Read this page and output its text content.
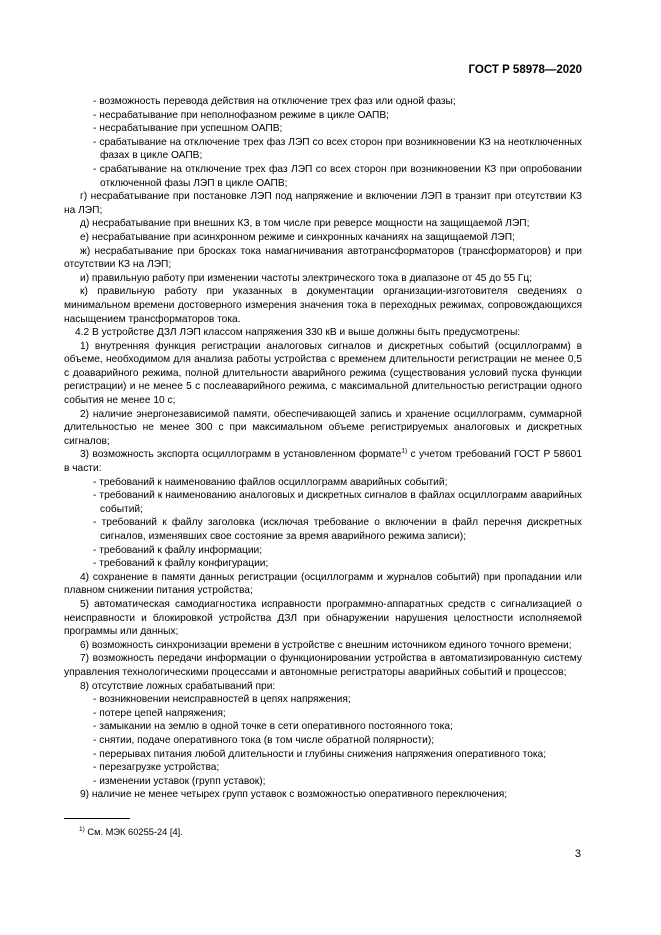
ГОСТ Р 58978—2020

- возможность перевода действия на отключение трех фаз или одной фазы;

- несрабатывание при неполнофазном режиме в цикле ОАПВ;

- несрабатывание при успешном ОАПВ;

- срабатывание на отключение трех фаз ЛЭП со всех сторон при возникновении КЗ на неотключенных фазах в цикле ОАПВ;

- срабатывание на отключение трех фаз ЛЭП со всех сторон при возникновении КЗ при опробовании отключенной фазы ЛЭП в цикле ОАПВ;

г) несрабатывание при постановке ЛЭП под напряжение и включении ЛЭП в транзит при отсутствии КЗ на ЛЭП;

д) несрабатывание при внешних КЗ, в том числе при реверсе мощности на защищаемой ЛЭП;

е) несрабатывание при асинхронном режиме и синхронных качаниях на защищаемой ЛЭП;

ж) несрабатывание при бросках тока намагничивания автотрансформаторов (трансформаторов) и при отсутствии КЗ на ЛЭП;

и) правильную работу при изменении частоты электрического тока в диапазоне от 45 до 55 Гц;

к) правильную работу при указанных в документации организации-изготовителя сведениях о минимальном времени достоверного измерения значения тока в переходных режимах, сопровождающихся насыщением трансформаторов тока.

4.2 В устройстве ДЗЛ ЛЭП классом напряжения 330 кВ и выше должны быть предусмотрены:

1) внутренняя функция регистрации аналоговых сигналов и дискретных событий (осциллограмм) в объеме, необходимом для анализа работы устройства с временем длительности регистрации не менее 0,5 с доаварийного режима, полной длительности аварийного режима (существования условий пуска функции регистрации) и не менее 5 с послеаварийного режима, с максимальной длительностью регистрации одного события не менее 10 с;

2) наличие энергонезависимой памяти, обеспечивающей запись и хранение осциллограмм, суммарной длительностью не менее 300 с при максимальном объеме регистрируемых аналоговых и дискретных сигналов;

3) возможность экспорта осциллограмм в установленном формате$^{1)}$ с учетом требований ГОСТ Р 58601 в части:

- требований к наименованию файлов осциллограмм аварийных событий;

- требований к наименованию аналоговых и дискретных сигналов в файлах осциллограмм аварийных событий;

- требований к файлу заголовка (исключая требование о включении в файл перечня дискретных сигналов, изменявших свое состояние за время аварийного режима записи);

- требований к файлу информации;

- требований к файлу конфигурации;

4) сохранение в памяти данных регистрации (осциллограмм и журналов событий) при пропадании или плавном снижении питания устройства;

5) автоматическая самодиагностика исправности программно-аппаратных средств с сигнализацией о неисправности и блокировкой устройства ДЗЛ при обнаружении нарушения целостности исполняемой программы или данных;

6) возможность синхронизации времени в устройстве с внешним источником единого точного времени;

7) возможность передачи информации о функционировании устройства в автоматизированную систему управления технологическими процессами и автономные регистраторы аварийных событий и процессов;

8) отсутствие ложных срабатываний при:

- возникновении неисправностей в цепях напряжения;

- потере цепей напряжения;

- замыкании на землю в одной точке в сети оперативного постоянного тока;

- снятии, подаче оперативного тока (в том числе обратной полярности);

- перерывах питания любой длительности и глубины снижения напряжения оперативного тока;

- перезагрузке устройства;

- изменении уставок (групп уставок);

9) наличие не менее четырех групп уставок с возможностью оперативного переключения;

$^{1)}$ См. МЭК 60255-24 [4].
3
